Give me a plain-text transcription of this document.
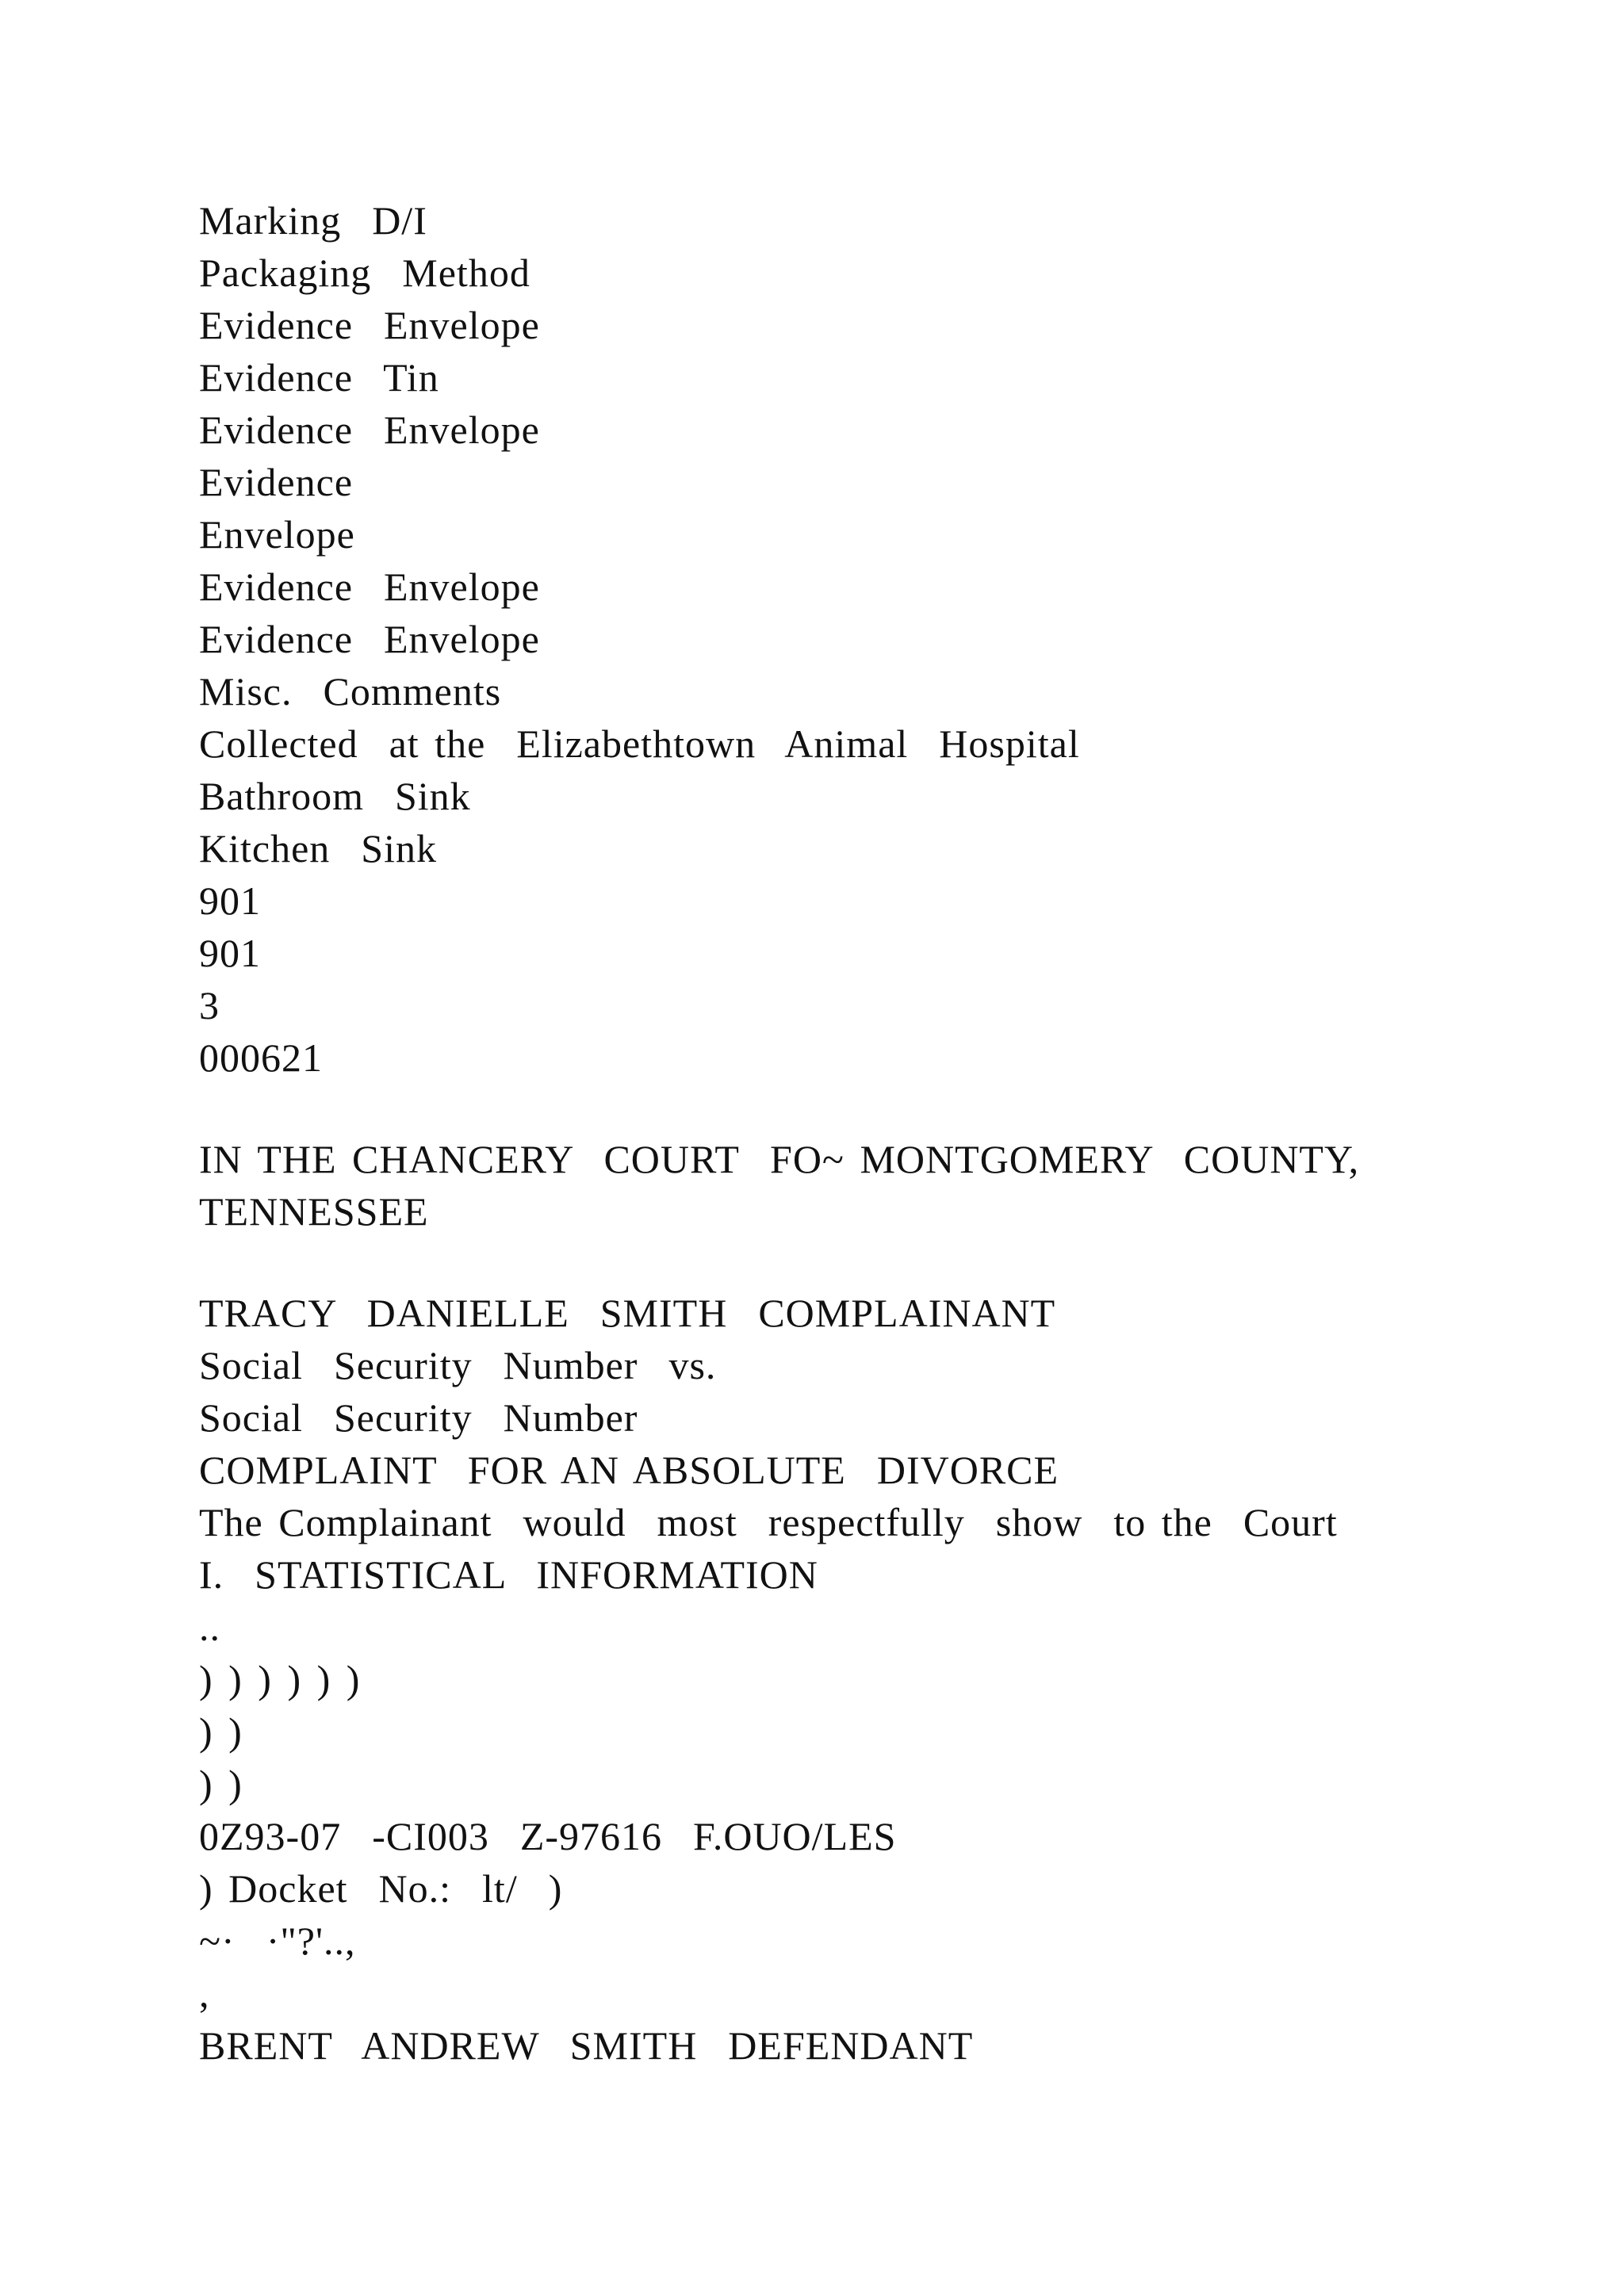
Marking  D/I
Packaging  Method
Evidence  Envelope
Evidence  Tin
Evidence  Envelope
Evidence
Envelope
Evidence  Envelope
Evidence  Envelope
Misc.  Comments
Collected  at the  Elizabethtown  Animal  Hospital
Bathroom  Sink
Kitchen  Sink
901
901
3
000621
IN THE CHANCERY  COURT  FO~ MONTGOMERY  COUNTY,
TENNESSEE
TRACY  DANIELLE  SMITH  COMPLAINANT
Social  Security  Number  vs.
Social  Security  Number
COMPLAINT  FOR AN ABSOLUTE  DIVORCE
The Complainant  would  most  respectfully  show  to the  Court
I.  STATISTICAL  INFORMATION
..
) ) ) ) ) )
) )
) )
0Z93-07  -CI003  Z-97616  F.OUO/LES
) Docket  No.:  lt/  )
~·  ·"?'..,
,
BRENT  ANDREW  SMITH  DEFENDANT
